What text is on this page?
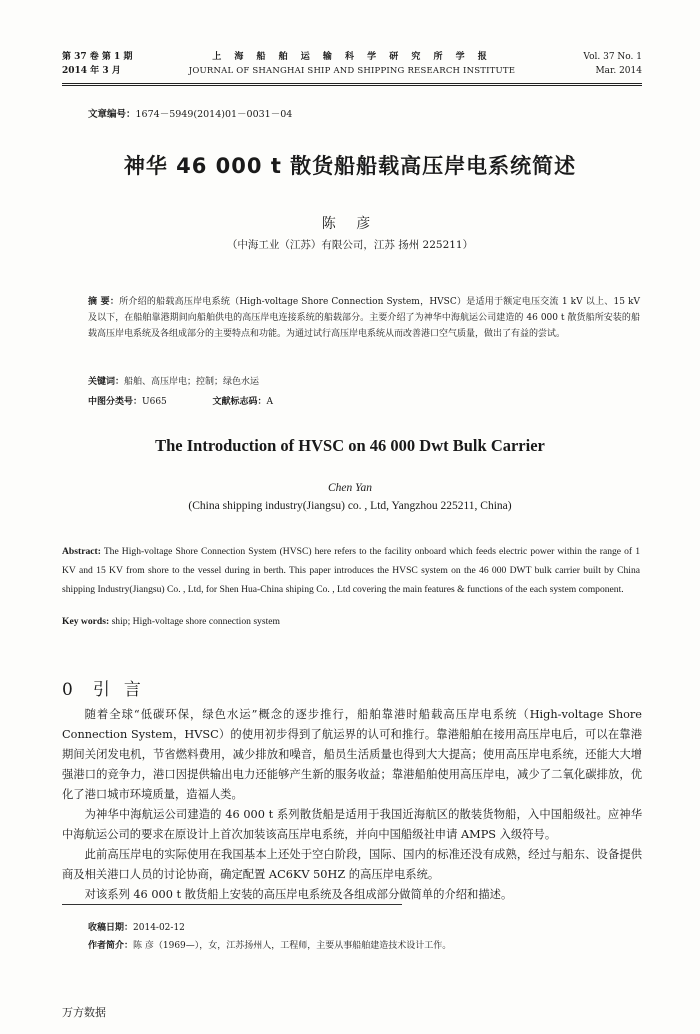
第 37 卷 第 1 期
2014 年 3 月
上 海 船 舶 运 输 科 学 研 究 所 学 报
JOURNAL OF SHANGHAI SHIP AND SHIPPING RESEARCH INSTITUTE
Vol. 37 No. 1
Mar. 2014
文章编号：1674－5949(2014)01－0031－04
神华 46 000 t 散货船船载高压岸电系统简述
陈 彦
（中海工业（江苏）有限公司，江苏 扬州 225211）
摘 要：所介绍的船载高压岸电系统（High-voltage Shore Connection System，HVSC）是适用于额定电压交流 1 kV 以上、15 kV 及以下，在船舶靠港期间向船舶供电的高压岸电连接系统的船载部分。主要介绍了为神华中海航运公司建造的 46 000 t 散货船所安装的船载高压岸电系统及各组成部分的主要特点和功能。为通过试行高压岸电系统从而改善港口空气质量，做出了有益的尝试。
关键词：船舶、高压岸电；控制；绿色水运
中图分类号：U665	文献标志码：A
The Introduction of HVSC on 46 000 Dwt Bulk Carrier
Chen Yan
(China shipping industry(Jiangsu) co. , Ltd, Yangzhou 225211, China)
Abstract: The High-voltage Shore Connection System (HVSC) here refers to the facility onboard which feeds electric power within the range of 1 KV and 15 KV from shore to the vessel during in berth. This paper introduces the HVSC system on the 46 000 DWT bulk carrier built by China shipping Industry(Jiangsu) Co. , Ltd, for Shen Hua-China shiping Co. , Ltd covering the main features & functions of the each system component.
Key words: ship; High-voltage shore connection system
0 引言

随着全球“低碳环保，绿色水运”概念的逐步推行，船舶靠港时船载高压岸电系统（High-voltage Shore Connection System，HVSC）的使用初步得到了航运界的认可和推行。靠港船舶在接用高压岸电后，可以在靠港期间关闭发电机，节省燃料费用，减少排放和噪音，船员生活质量也得到大大提高；使用高压岸电系统，还能大大增强港口的竞争力，港口因提供输出电力还能够产生新的服务收益；靠港船舶使用高压岸电，减少了二氧化碳排放，优化了港口城市环境质量，造福人类。

为神华中海航运公司建造的 46 000 t 系列散货船是适用于我国近海航区的散装货物船，入中国船级社。应神华中海航运公司的要求在原设计上首次加装该高压岸电系统，并向中国船级社申请 AMPS 入级符号。

此前高压岸电的实际使用在我国基本上还处于空白阶段，国际、国内的标准还没有成熟，经过与船东、设备提供商及相关港口人员的讨论协商，确定配置 AC6KV 50HZ 的高压岸电系统。

对该系列 46 000 t 散货船上安装的高压岸电系统及各组成部分做简单的介绍和描述。

收稿日期：2014-02-12
作者简介：陈 彦（1969—），女，江苏扬州人，工程师，主要从事船舶建造技术设计工作。
万方数据
